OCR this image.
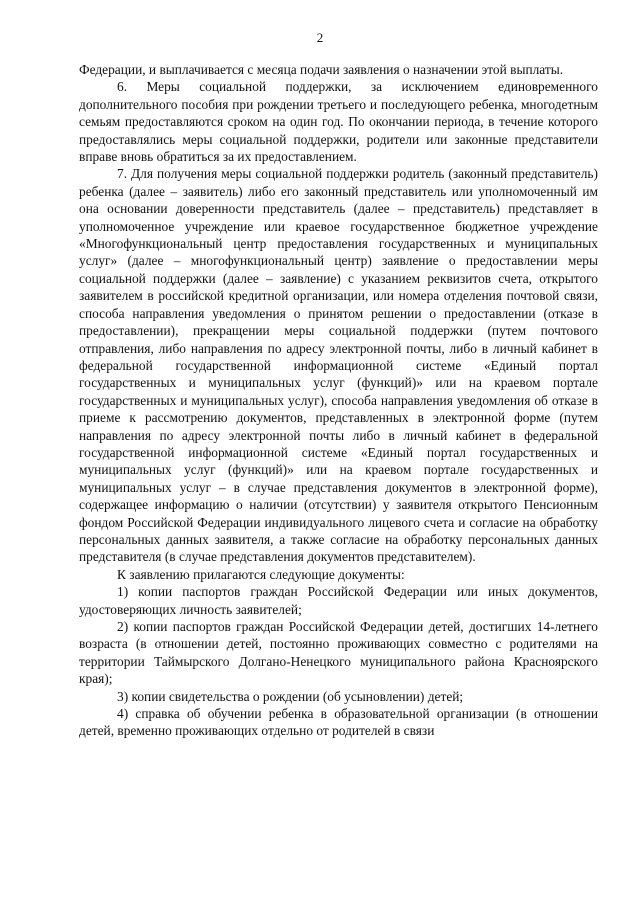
2

Федерации, и выплачивается с месяца подачи заявления о назначении этой выплаты.

6. Меры социальной поддержки, за исключением единовременного дополнительного пособия при рождении третьего и последующего ребенка, многодетным семьям предоставляются сроком на один год. По окончании периода, в течение которого предоставлялись меры социальной поддержки, родители или законные представители вправе вновь обратиться за их предоставлением.

7. Для получения меры социальной поддержки родитель (законный представитель) ребенка (далее – заявитель) либо его законный представитель или уполномоченный им она основании доверенности представитель (далее – представитель) представляет в уполномоченное учреждение или краевое государственное бюджетное учреждение «Многофункциональный центр предоставления государственных и муниципальных услуг» (далее – многофункциональный центр) заявление о предоставлении меры социальной поддержки (далее – заявление) с указанием реквизитов счета, открытого заявителем в российской кредитной организации, или номера отделения почтовой связи, способа направления уведомления о принятом решении о предоставлении (отказе в предоставлении), прекращении меры социальной поддержки (путем почтового отправления, либо направления по адресу электронной почты, либо в личный кабинет в федеральной государственной информационной системе «Единый портал государственных и муниципальных услуг (функций)» или на краевом портале государственных и муниципальных услуг), способа направления уведомления об отказе в приеме к рассмотрению документов, представленных в электронной форме (путем направления по адресу электронной почты либо в личный кабинет в федеральной государственной информационной системе «Единый портал государственных и муниципальных услуг (функций)» или на краевом портале государственных и муниципальных услуг – в случае представления документов в электронной форме), содержащее информацию о наличии (отсутствии) у заявителя открытого Пенсионным фондом Российской Федерации индивидуального лицевого счета и согласие на обработку персональных данных заявителя, а также согласие на обработку персональных данных представителя (в случае представления документов представителем).

К заявлению прилагаются следующие документы:

1) копии паспортов граждан Российской Федерации или иных документов, удостоверяющих личность заявителей;

2) копии паспортов граждан Российской Федерации детей, достигших 14-летнего возраста (в отношении детей, постоянно проживающих совместно с родителями на территории Таймырского Долгано-Ненецкого муниципального района Красноярского края);

3) копии свидетельства о рождении (об усыновлении) детей;

4) справка об обучении ребенка в образовательной организации (в отношении детей, временно проживающих отдельно от родителей в связи
